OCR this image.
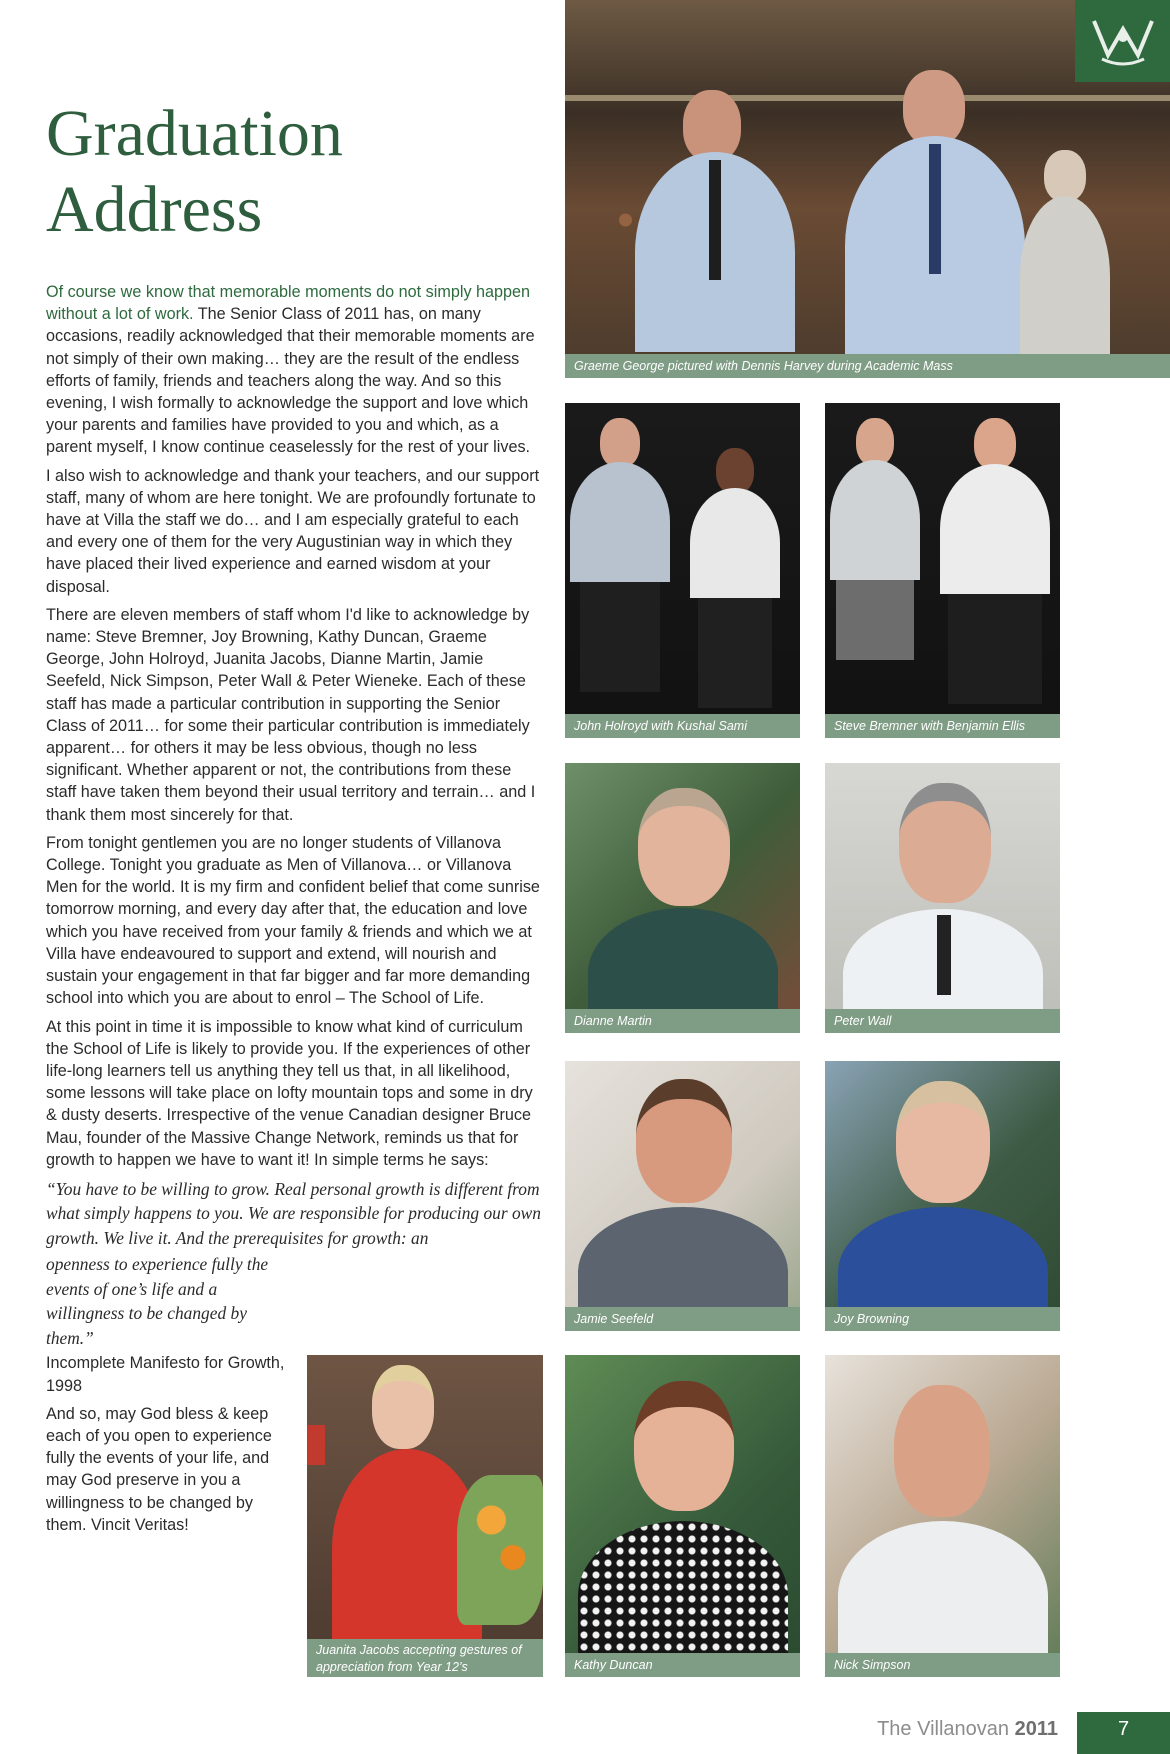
Graduation
Address

Of course we know that memorable moments do not simply happen without a lot of work. The Senior Class of 2011 has, on many occasions, readily acknowledged that their memorable moments are not simply of their own making… they are the result of the endless efforts of family, friends and teachers along the way. And so this evening, I wish formally to acknowledge the support and love which your parents and families have provided to you and which, as a parent myself, I know continue ceaselessly for the rest of your lives.

I also wish to acknowledge and thank your teachers, and our support staff, many of whom are here tonight. We are profoundly fortunate to have at Villa the staff we do… and I am especially grateful to each and every one of them for the very Augustinian way in which they have placed their lived experience and earned wisdom at your disposal.

There are eleven members of staff whom I'd like to acknowledge by name: Steve Bremner, Joy Browning, Kathy Duncan, Graeme George, John Holroyd, Juanita Jacobs, Dianne Martin, Jamie Seefeld, Nick Simpson, Peter Wall & Peter Wieneke. Each of these staff has made a particular contribution in supporting the Senior Class of 2011… for some their particular contribution is immediately apparent… for others it may be less obvious, though no less significant. Whether apparent or not, the contributions from these staff have taken them beyond their usual territory and terrain… and I thank them most sincerely for that.

From tonight gentlemen you are no longer students of Villanova College. Tonight you graduate as Men of Villanova… or Villanova Men for the world. It is my firm and confident belief that come sunrise tomorrow morning, and every day after that, the education and love which you have received from your family & friends and which we at Villa have endeavoured to support and extend, will nourish and sustain your engagement in that far bigger and far more demanding school into which you are about to enrol – The School of Life.

At this point in time it is impossible to know what kind of curriculum the School of Life is likely to provide you. If the experiences of other life-long learners tell us anything they tell us that, in all likelihood, some lessons will take place on lofty mountain tops and some in dry & dusty deserts. Irrespective of the venue Canadian designer Bruce Mau, founder of the Massive Change Network, reminds us that for growth to happen we have to want it! In simple terms he says:

“You have to be willing to grow. Real personal growth is different from what simply happens to you. We are responsible for producing our own growth. We live it. And the prerequisites for growth: an

openness to experience fully the events of one’s life and a willingness to be changed by them.”

Incomplete Manifesto for Growth, 1998

And so, may God bless & keep each of you open to experience fully the events of your life, and may God preserve in you a willingness to be changed by them. Vincit Veritas!

Graeme George pictured with Dennis Harvey during Academic Mass
John Holroyd with Kushal Sami	Steve Bremner with Benjamin Ellis
Dianne Martin	Peter Wall
Jamie Seefeld	Joy Browning
Juanita Jacobs accepting gestures of appreciation from Year 12’s	Kathy Duncan	Nick Simpson
The Villanovan 2011	7
